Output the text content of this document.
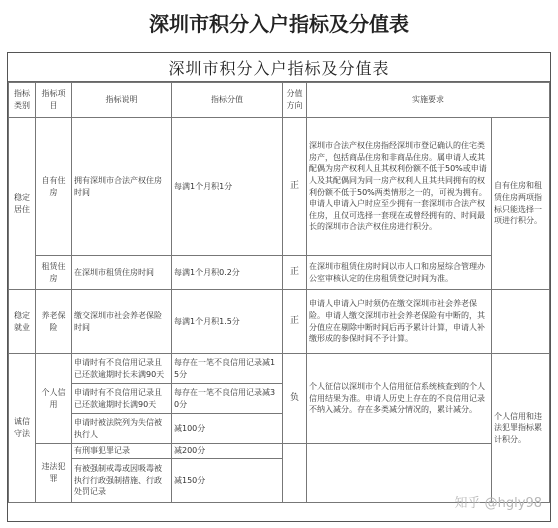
深圳市积分入户指标及分值表
深圳市积分入户指标及分值表
指标类别	指标项目	指标说明	指标分值	分值方向	实施要求	
稳定居住	自有住房	拥有深圳市合法产权住房时间	每满1个月积1分	正	深圳市合法产权住房指经深圳市登记确认的住宅类房产，包括商品住房和非商品住房。属申请人或其配偶为房产权利人且其权利份额不低于50%或申请人及其配偶同为同一房产权利人且其共同拥有的权利份额不低于50%两类情形之一的，可视为拥有。申请人申请入户时应至少拥有一套深圳市合法产权住房，且仅可选择一套现在或曾经拥有的、时间最长的深圳市合法产权住房进行积分。	自有住房和租赁住房两项指标只能选择一项进行积分。
	租赁住房	在深圳市租赁住房时间	每满1个月积0.2分	正	在深圳市租赁住房时间以市人口和房屋综合管理办公室审核认定的住房租赁登记时间为准。	
稳定就业	养老保险	缴交深圳市社会养老保险时间	每满1个月积1.5分	正	申请人申请入户时须仍在缴交深圳市社会养老保险。申请人缴交深圳市社会养老保险有中断的，其分值应在剔除中断时间后再予累计计算，申请人补缴形成的参保时间不予计算。	
诚信守法	个人信用	申请时有不良信用记录且已还款逾期时长未满90天	每存在一笔不良信用记录减15分	负	个人征信以深圳市个人信用征信系统核查到的个人信用结果为准。申请人历史上存在的不良信用记录不纳入减分。存在多类减分情况的，累计减分。	个人信用和违法犯罪指标累计积分。
		申请时有不良信用记录且已还款逾期时长满90天	每存在一笔不良信用记录减30分			
		申请时被法院列为失信被执行人	减100分			
	违法犯罪	有刑事犯罪记录	减200分			
		有被强制戒毒或因吸毒被执行行政强制措施、行政处罚记录	减150分			
知乎 @hgly98
